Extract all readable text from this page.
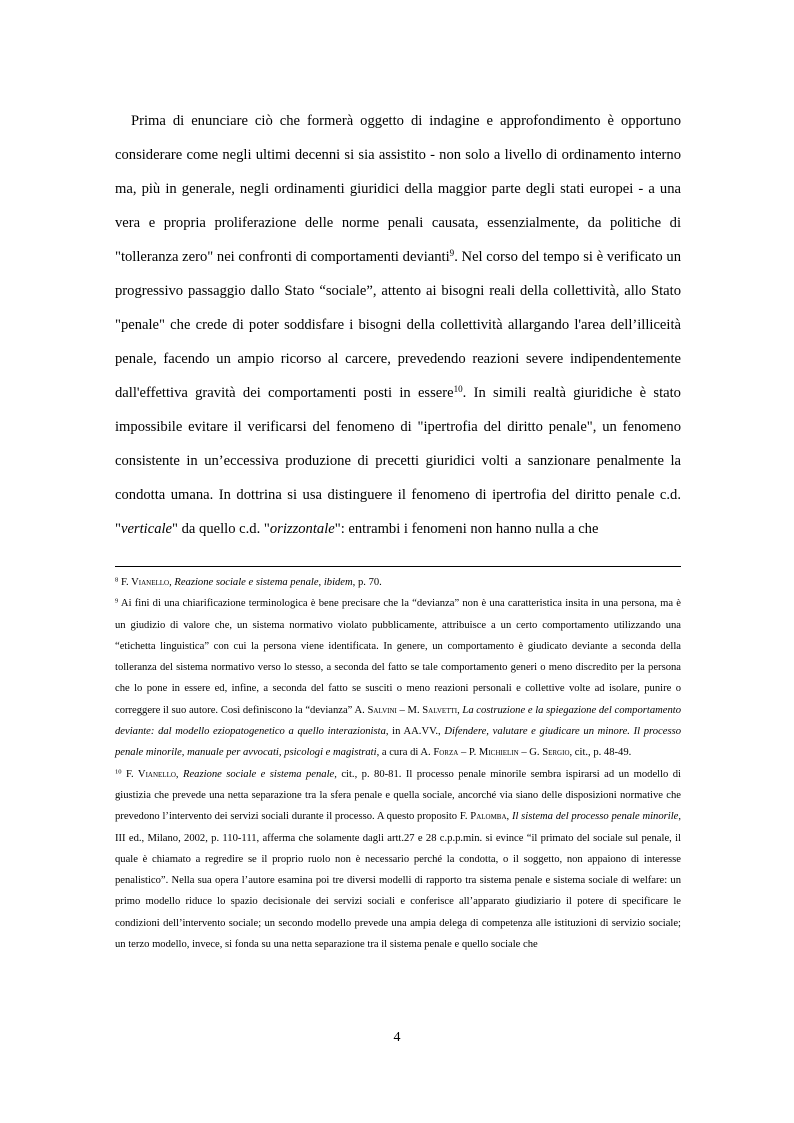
Prima di enunciare ciò che formerà oggetto di indagine e approfondimento è opportuno considerare come negli ultimi decenni si sia assistito - non solo a livello di ordinamento interno ma, più in generale, negli ordinamenti giuridici della maggior parte degli stati europei - a una vera e propria proliferazione delle norme penali causata, essenzialmente, da politiche di "tolleranza zero" nei confronti di comportamenti devianti$^9$. Nel corso del tempo si è verificato un progressivo passaggio dallo Stato “sociale”, attento ai bisogni reali della collettività, allo Stato "penale" che crede di poter soddisfare i bisogni della collettività allargando l'area dell’illiceità penale, facendo un ampio ricorso al carcere, prevedendo reazioni severe indipendentemente dall'effettiva gravità dei comportamenti posti in essere$^{10}$. In simili realtà giuridiche è stato impossibile evitare il verificarsi del fenomeno di "ipertrofia del diritto penale", un fenomeno consistente in un’eccessiva produzione di precetti giuridici volti a sanzionare penalmente la condotta umana. In dottrina si usa distinguere il fenomeno di ipertrofia del diritto penale c.d. "verticale" da quello c.d. "orizzontale": entrambi i fenomeni non hanno nulla a che

$^8$ F. Vianello, Reazione sociale e sistema penale, ibidem, p. 70.

$^9$ Ai fini di una chiarificazione terminologica è bene precisare che la “devianza” non è una caratteristica insita in una persona, ma è un giudizio di valore che, un sistema normativo violato pubblicamente, attribuisce a un certo comportamento utilizzando una “etichetta linguistica” con cui la persona viene identificata. In genere, un comportamento è giudicato deviante a seconda della tolleranza del sistema normativo verso lo stesso, a seconda del fatto se tale comportamento generi o meno discredito per la persona che lo pone in essere ed, infine, a seconda del fatto se susciti o meno reazioni personali e collettive volte ad isolare, punire o correggere il suo autore. Così definiscono la “devianza” A. Salvini – M. Salvetti, La costruzione e la spiegazione del comportamento deviante: dal modello eziopatogenetico a quello interazionista, in AA.VV., Difendere, valutare e giudicare un minore. Il processo penale minorile, manuale per avvocati, psicologi e magistrati, a cura di A. Forza – P. Michielin – G. Sergio, cit., p. 48-49.

$^{10}$ F. Vianello, Reazione sociale e sistema penale, cit., p. 80-81. Il processo penale minorile sembra ispirarsi ad un modello di giustizia che prevede una netta separazione tra la sfera penale e quella sociale, ancorché via siano delle disposizioni normative che prevedono l’intervento dei servizi sociali durante il processo. A questo proposito F. Palomba, Il sistema del processo penale minorile, III ed., Milano, 2002, p. 110-111, afferma che solamente dagli artt.27 e 28 c.p.p.min. si evince “il primato del sociale sul penale, il quale è chiamato a regredire se il proprio ruolo non è necessario perché la condotta, o il soggetto, non appaiono di interesse penalistico”. Nella sua opera l’autore esamina poi tre diversi modelli di rapporto tra sistema penale e sistema sociale di welfare: un primo modello riduce lo spazio decisionale dei servizi sociali e conferisce all’apparato giudiziario il potere di specificare le condizioni dell’intervento sociale; un secondo modello prevede una ampia delega di competenza alle istituzioni di servizio sociale; un terzo modello, invece, si fonda su una netta separazione tra il sistema penale e quello sociale che

4
